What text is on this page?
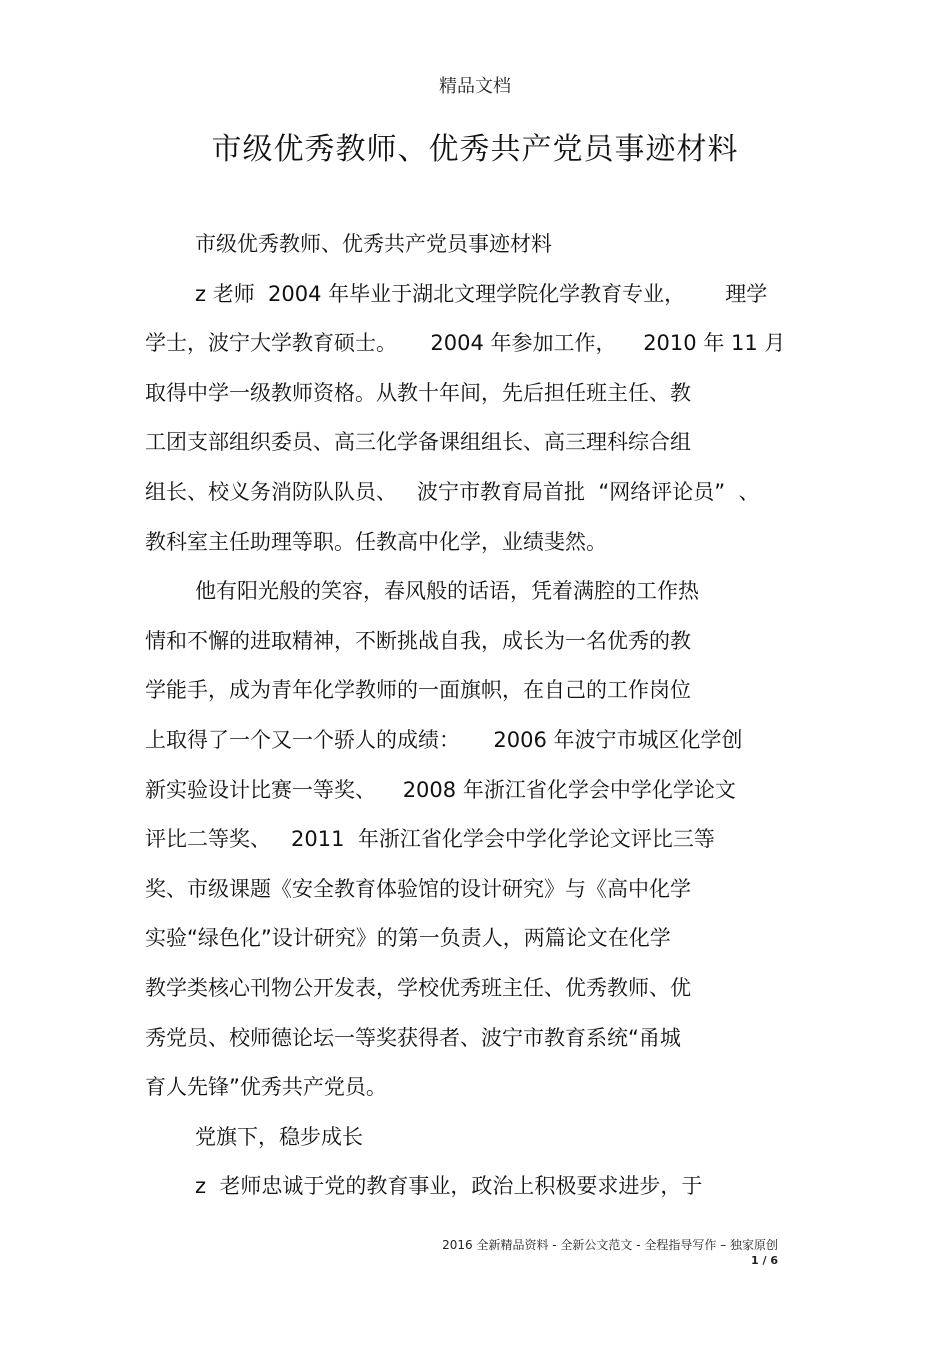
精品文档
市级优秀教师、优秀共产党员事迹材料
市级优秀教师、优秀共产党员事迹材料
z 老师  2004 年毕业于湖北文理学院化学教育专业，      理学
学士，波宁大学教育硕士。     2004 年参加工作，    2010 年 11 月
取得中学一级教师资格。从教十年间，先后担任班主任、教
工团支部组织委员、高三化学备课组组长、高三理科综合组
组长、校义务消防队队员、   波宁市教育局首批  “网络评论员”  、
教科室主任助理等职。任教高中化学，业绩斐然。
他有阳光般的笑容，春风般的话语，凭着满腔的工作热
情和不懈的进取精神，不断挑战自我，成长为一名优秀的教
学能手，成为青年化学教师的一面旗帜，在自己的工作岗位
上取得了一个又一个骄人的成绩：     2006 年波宁市城区化学创
新实验设计比赛一等奖、    2008 年浙江省化学会中学化学论文
评比二等奖、   2011  年浙江省化学会中学化学论文评比三等
奖、市级课题《安全教育体验馆的设计研究》与《高中化学
实验“绿色化”设计研究》的第一负责人，两篇论文在化学
教学类核心刊物公开发表，学校优秀班主任、优秀教师、优
秀党员、校师德论坛一等奖获得者、波宁市教育系统“甬城
育人先锋”优秀共产党员。
党旗下，稳步成长
z  老师忠诚于党的教育事业，政治上积极要求进步，于
2016 全新精品资料 - 全新公文范文 - 全程指导写作 – 独家原创
1 / 6
